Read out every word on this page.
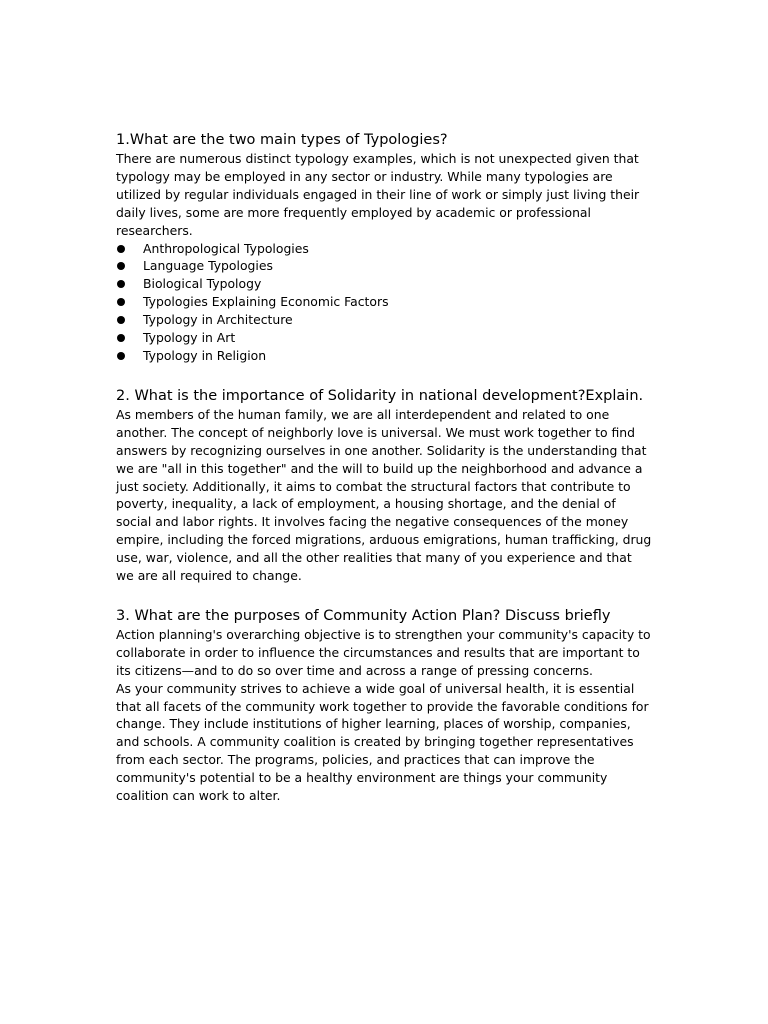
1.What are the two main types of Typologies?

There are numerous distinct typology examples, which is not unexpected given that typology may be employed in any sector or industry. While many typologies are utilized by regular individuals engaged in their line of work or simply just living their daily lives, some are more frequently employed by academic or professional researchers.

Anthropological Typologies
Language Typologies
Biological Typology
Typologies Explaining Economic Factors
Typology in Architecture
Typology in Art
Typology in Religion
2. What is the importance of Solidarity in national development?Explain.

As members of the human family, we are all interdependent and related to one another. The concept of neighborly love is universal. We must work together to find answers by recognizing ourselves in one another. Solidarity is the understanding that we are "all in this together" and the will to build up the neighborhood and advance a just society. Additionally, it aims to combat the structural factors that contribute to poverty, inequality, a lack of employment, a housing shortage, and the denial of social and labor rights. It involves facing the negative consequences of the money empire, including the forced migrations, arduous emigrations, human trafficking, drug use, war, violence, and all the other realities that many of you experience and that we are all required to change.

3. What are the purposes of Community Action Plan? Discuss briefly

Action planning's overarching objective is to strengthen your community's capacity to collaborate in order to influence the circumstances and results that are important to its citizens—and to do so over time and across a range of pressing concerns.

As your community strives to achieve a wide goal of universal health, it is essential that all facets of the community work together to provide the favorable conditions for change. They include institutions of higher learning, places of worship, companies, and schools. A community coalition is created by bringing together representatives from each sector. The programs, policies, and practices that can improve the community's potential to be a healthy environment are things your community coalition can work to alter.
